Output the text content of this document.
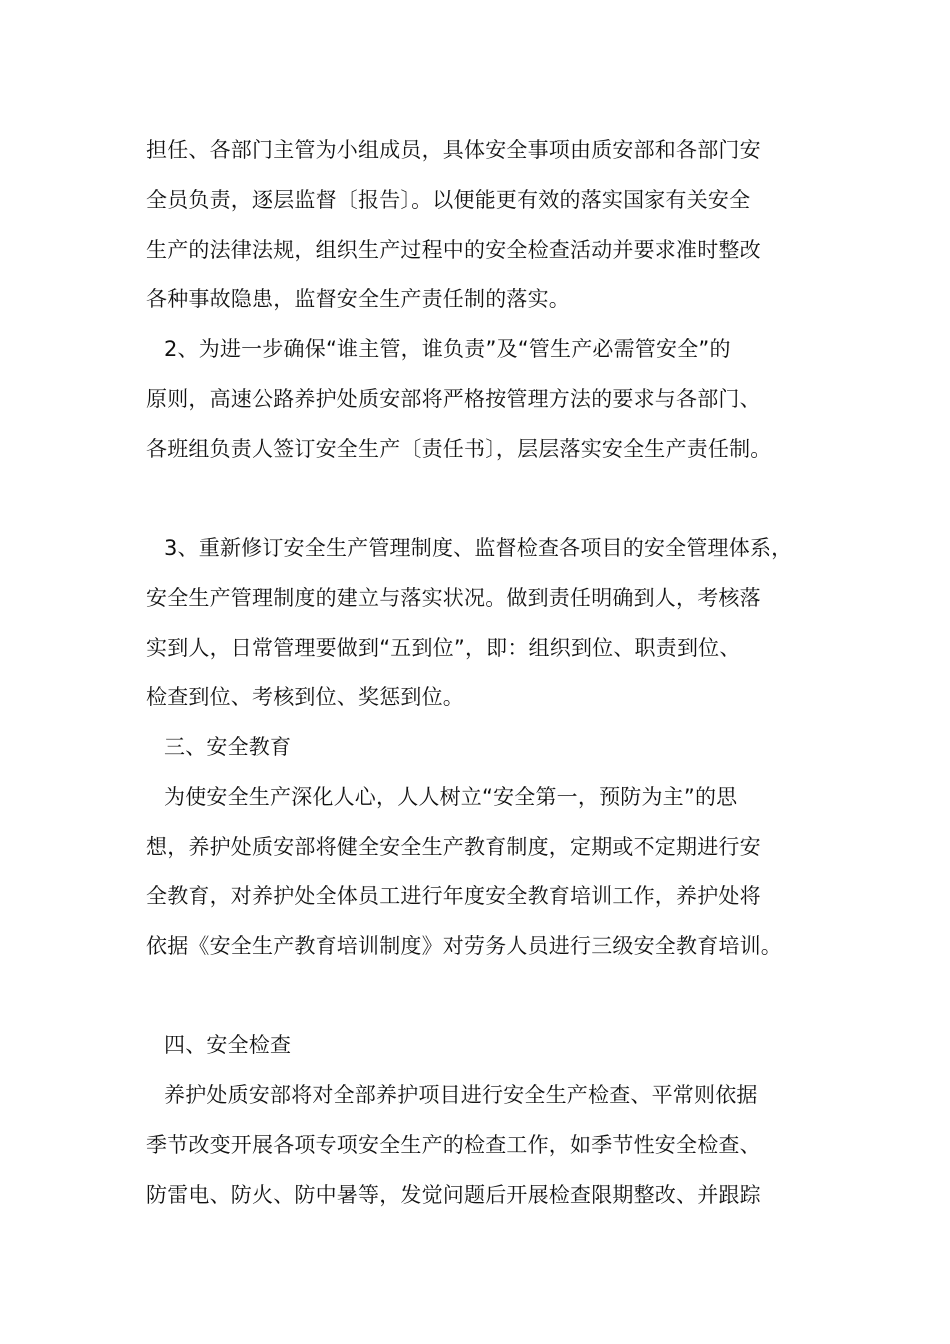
担任、各部门主管为小组成员，具体安全事项由质安部和各部门安
全员负责，逐层监督〔报告〕。以便能更有效的落实国家有关安全
生产的法律法规，组织生产过程中的安全检查活动并要求准时整改
各种事故隐患，监督安全生产责任制的落实。
2、为进一步确保“谁主管，谁负责”及“管生产必需管安全”的
原则，高速公路养护处质安部将严格按管理方法的要求与各部门、
各班组负责人签订安全生产〔责任书〕，层层落实安全生产责任制。
3、重新修订安全生产管理制度、监督检查各项目的安全管理体系，
安全生产管理制度的建立与落实状况。做到责任明确到人，考核落
实到人，日常管理要做到“五到位”，即：组织到位、职责到位、
检查到位、考核到位、奖惩到位。
三、安全教育
为使安全生产深化人心，人人树立“安全第一，预防为主”的思
想，养护处质安部将健全安全生产教育制度，定期或不定期进行安
全教育，对养护处全体员工进行年度安全教育培训工作，养护处将
依据《安全生产教育培训制度》对劳务人员进行三级安全教育培训。
四、安全检查
养护处质安部将对全部养护项目进行安全生产检查、平常则依据
季节改变开展各项专项安全生产的检查工作，如季节性安全检查、
防雷电、防火、防中暑等，发觉问题后开展检查限期整改、并跟踪
